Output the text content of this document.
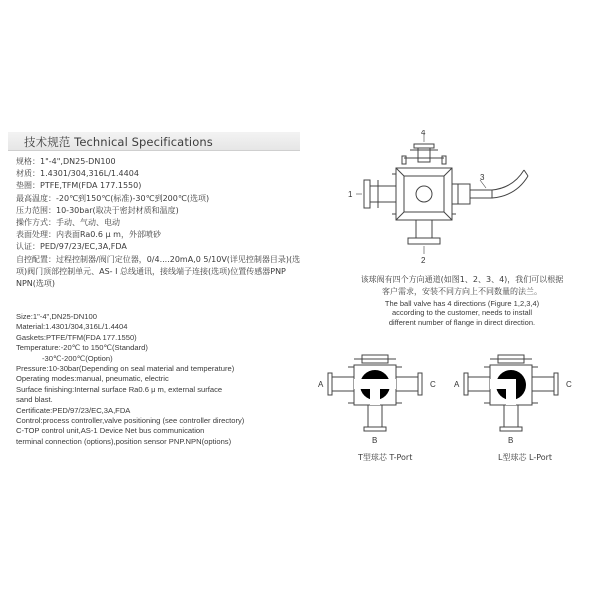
技术规范 Technical Specifications
规格：1"-4",DN25-DN100
材质：1.4301/304,316L/1.4404
垫圈：PTFE,TFM(FDA 177.1550)
最高温度：-20℃到150℃(标准)-30℃到200℃(选项)
压力范围：10-30bar(取决于密封材质和温度)
操作方式：手动、气动、电动
表面处理：内表面Ra0.6 μ m，外部喷砂
认证：PED/97/23/EC,3A,FDA
自控配置：过程控制器/阀门定位器，0/4....20mA,0 5/10V(详见控制器目录)(选项)阀门顶部控制单元、AS- I 总线通讯，接线端子连接(选项)位置传感器PNP NPN(选项)
Size:1"-4",DN25-DN100
Material:1.4301/304,316L/1.4404
Gaskets:PTFE/TFM(FDA 177.1550)
Temperature:-20℃ to 150℃(Standard)
-30℃-200℃(Option)
Pressure:10-30bar(Depending on seal material and temperature)
Operating modes:manual, pneumatic, electric
Surface finishing:Internal surface Ra0.6 μ m, external surface
sand blast.
Certificate:PED/97/23/EC,3A,FDA
Control:process controller,valve positioning (see controller directory)
C-TOP control unit,AS-1 Device Net bus communication
terminal connection (options),position sensor PNP.NPN(options)
4
1
3
2
该球阀有四个方向通道(如图1、2、3、4)，我们可以根据
客户需求，安装不同方向上不同数量的法兰。
The ball valve has 4 directions (Figure 1,2,3,4)
according to the customer, needs to install
different number of flange in direct direction.
A	C
B
T型球芯 T-Port
A	C
B
L型球芯 L-Port
